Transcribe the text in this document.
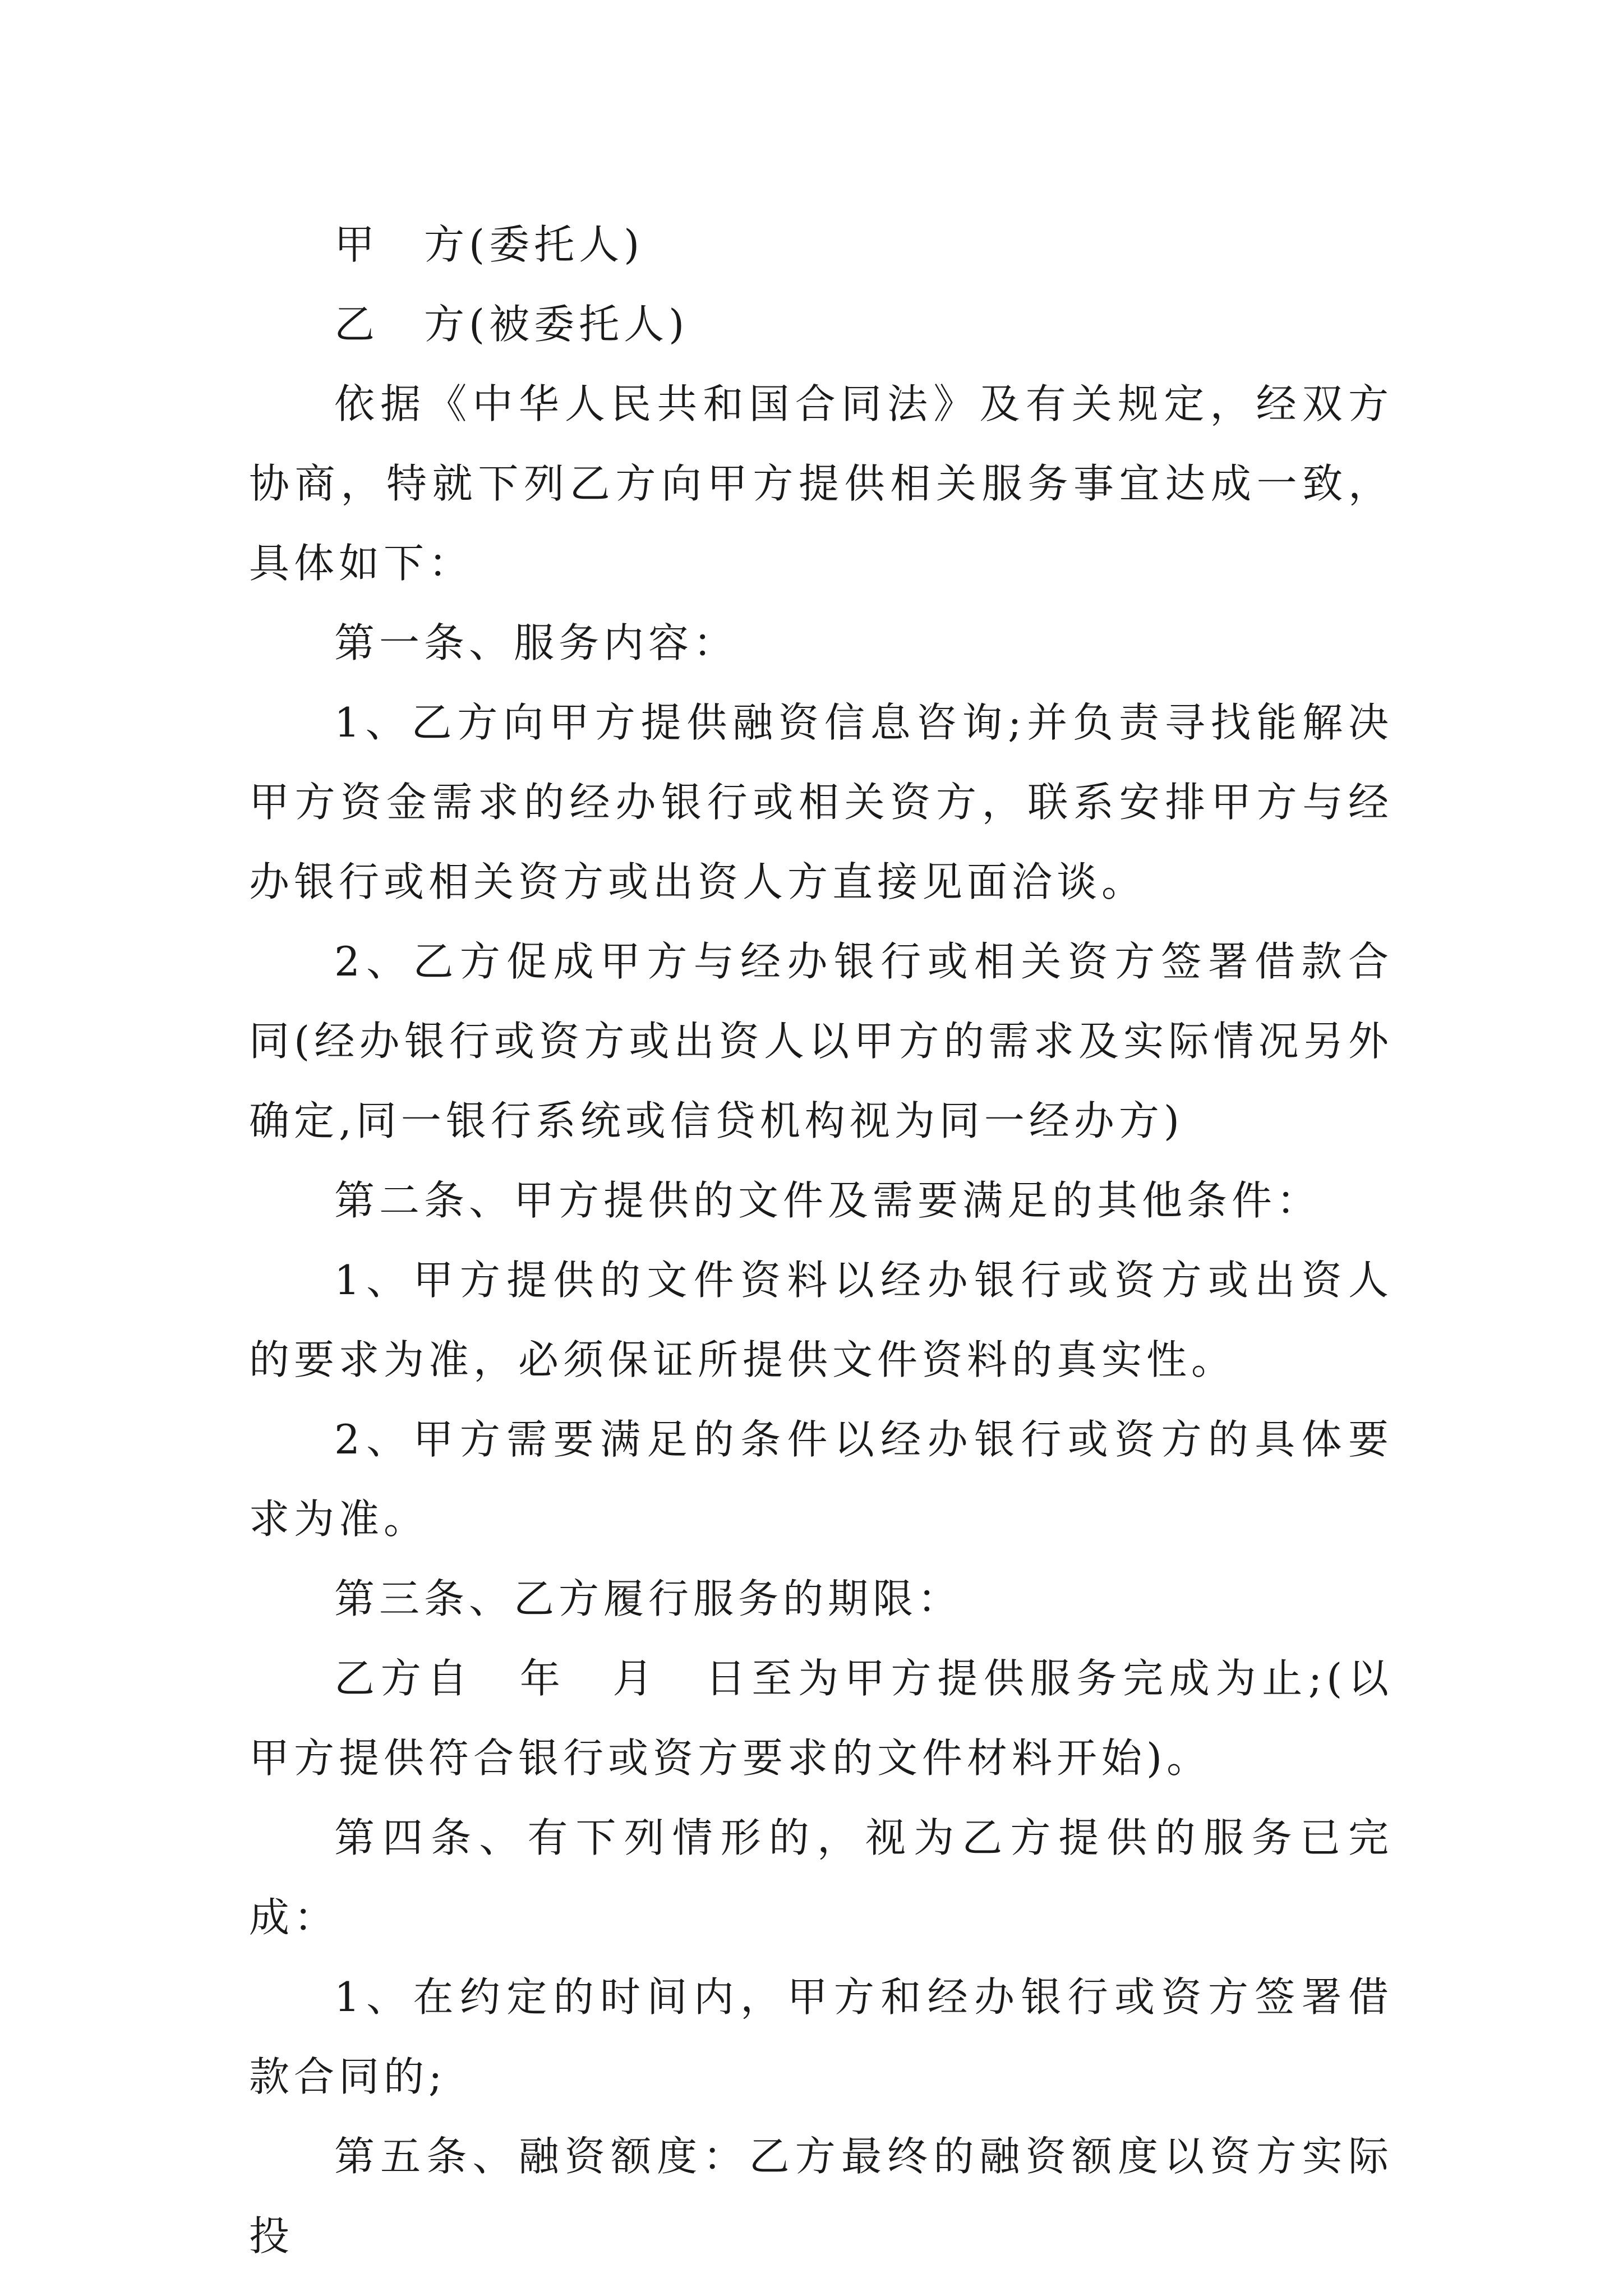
甲　方(委托人)

乙　方(被委托人)

依据《中华人民共和国合同法》及有关规定，经双方协商，特就下列乙方向甲方提供相关服务事宜达成一致，具体如下：

第一条、服务内容：

1、乙方向甲方提供融资信息咨询;并负责寻找能解决甲方资金需求的经办银行或相关资方，联系安排甲方与经办银行或相关资方或出资人方直接见面洽谈。

2、乙方促成甲方与经办银行或相关资方签署借款合同(经办银行或资方或出资人以甲方的需求及实际情况另外确定,同一银行系统或信贷机构视为同一经办方)

第二条、甲方提供的文件及需要满足的其他条件：

1、甲方提供的文件资料以经办银行或资方或出资人的要求为准，必须保证所提供文件资料的真实性。

2、甲方需要满足的条件以经办银行或资方的具体要求为准。

第三条、乙方履行服务的期限：

乙方自　年　月　日至为甲方提供服务完成为止;(以甲方提供符合银行或资方要求的文件材料开始)。

第四条、有下列情形的，视为乙方提供的服务已完成：

1、在约定的时间内，甲方和经办银行或资方签署借款合同的;

第五条、融资额度：乙方最终的融资额度以资方实际投
